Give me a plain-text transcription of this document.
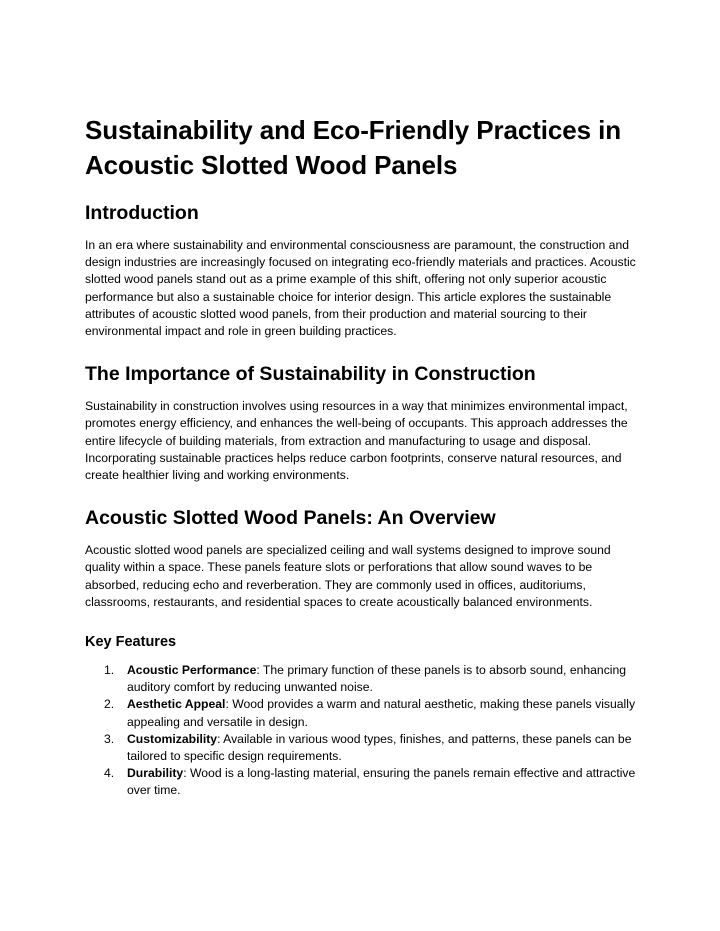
Sustainability and Eco-Friendly Practices in Acoustic Slotted Wood Panels
Introduction

In an era where sustainability and environmental consciousness are paramount, the construction and design industries are increasingly focused on integrating eco-friendly materials and practices. Acoustic slotted wood panels stand out as a prime example of this shift, offering not only superior acoustic performance but also a sustainable choice for interior design. This article explores the sustainable attributes of acoustic slotted wood panels, from their production and material sourcing to their environmental impact and role in green building practices.

The Importance of Sustainability in Construction

Sustainability in construction involves using resources in a way that minimizes environmental impact, promotes energy efficiency, and enhances the well-being of occupants. This approach addresses the entire lifecycle of building materials, from extraction and manufacturing to usage and disposal. Incorporating sustainable practices helps reduce carbon footprints, conserve natural resources, and create healthier living and working environments.

Acoustic Slotted Wood Panels: An Overview

Acoustic slotted wood panels are specialized ceiling and wall systems designed to improve sound quality within a space. These panels feature slots or perforations that allow sound waves to be absorbed, reducing echo and reverberation. They are commonly used in offices, auditoriums, classrooms, restaurants, and residential spaces to create acoustically balanced environments.

Key Features
1. Acoustic Performance: The primary function of these panels is to absorb sound, enhancing auditory comfort by reducing unwanted noise.
2. Aesthetic Appeal: Wood provides a warm and natural aesthetic, making these panels visually appealing and versatile in design.
3. Customizability: Available in various wood types, finishes, and patterns, these panels can be tailored to specific design requirements.
4. Durability: Wood is a long-lasting material, ensuring the panels remain effective and attractive over time.
